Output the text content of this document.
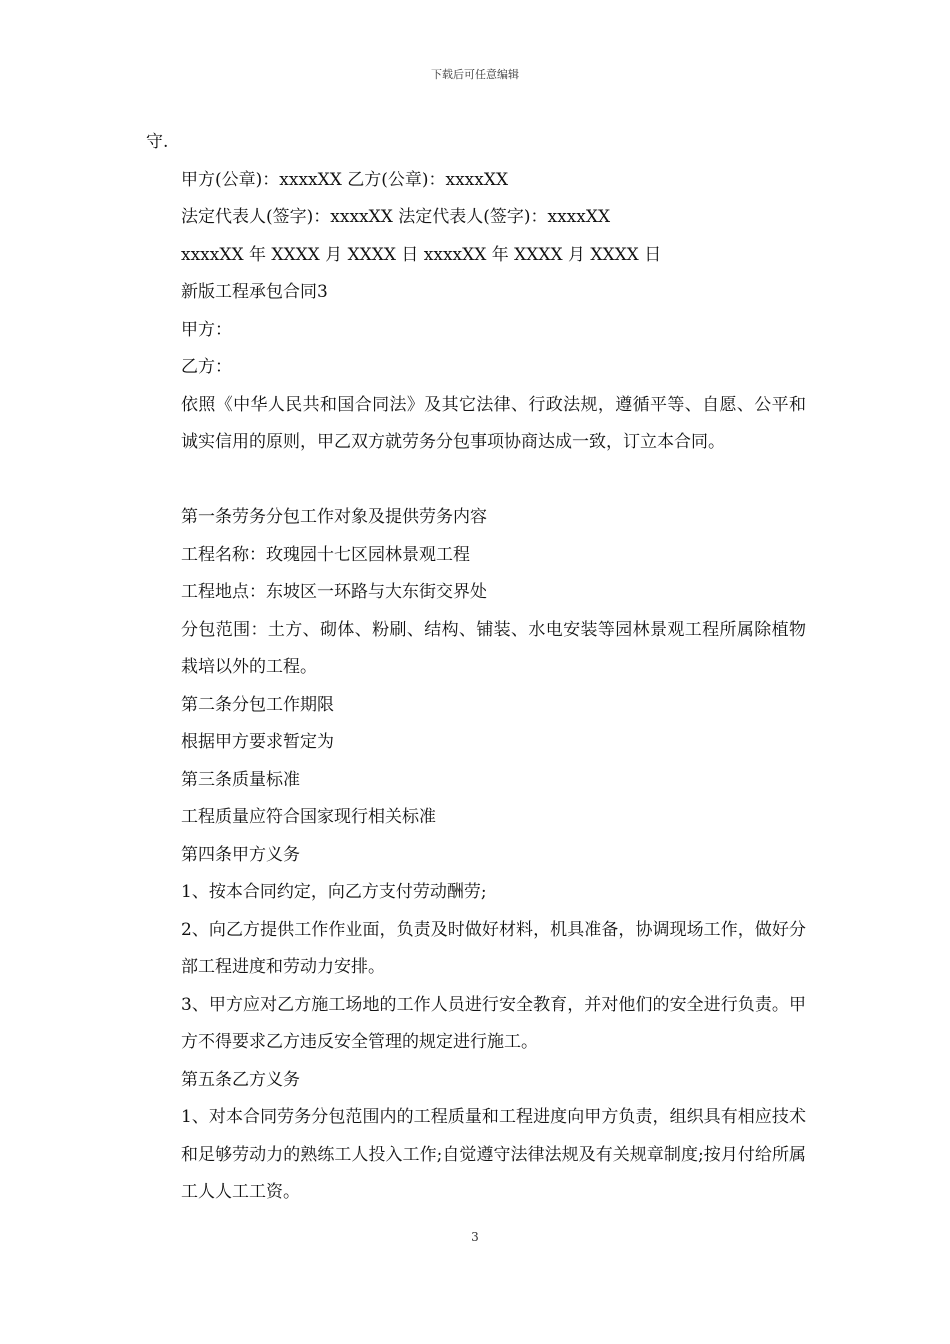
下载后可任意编辑

守.

甲方(公章)：xxxxXX 乙方(公章)：xxxxXX

法定代表人(签字)：xxxxXX 法定代表人(签字)：xxxxXX

xxxxXX 年 XXXX 月 XXXX 日 xxxxXX 年 XXXX 月 XXXX 日

新版工程承包合同3

甲方：

乙方：

依照《中华人民共和国合同法》及其它法律、行政法规，遵循平等、自愿、公平和诚实信用的原则，甲乙双方就劳务分包事项协商达成一致，订立本合同。

第一条劳务分包工作对象及提供劳务内容

工程名称：玫瑰园十七区园林景观工程

工程地点：东坡区一环路与大东街交界处

分包范围：土方、砌体、粉刷、结构、铺装、水电安装等园林景观工程所属除植物栽培以外的工程。

第二条分包工作期限

根据甲方要求暂定为

第三条质量标准

工程质量应符合国家现行相关标准

第四条甲方义务

1、按本合同约定，向乙方支付劳动酬劳;

2、向乙方提供工作作业面，负责及时做好材料，机具准备，协调现场工作，做好分部工程进度和劳动力安排。

3、甲方应对乙方施工场地的工作人员进行安全教育，并对他们的安全进行负责。甲方不得要求乙方违反安全管理的规定进行施工。

第五条乙方义务

1、对本合同劳务分包范围内的工程质量和工程进度向甲方负责，组织具有相应技术和足够劳动力的熟练工人投入工作;自觉遵守法律法规及有关规章制度;按月付给所属工人人工工资。

3
